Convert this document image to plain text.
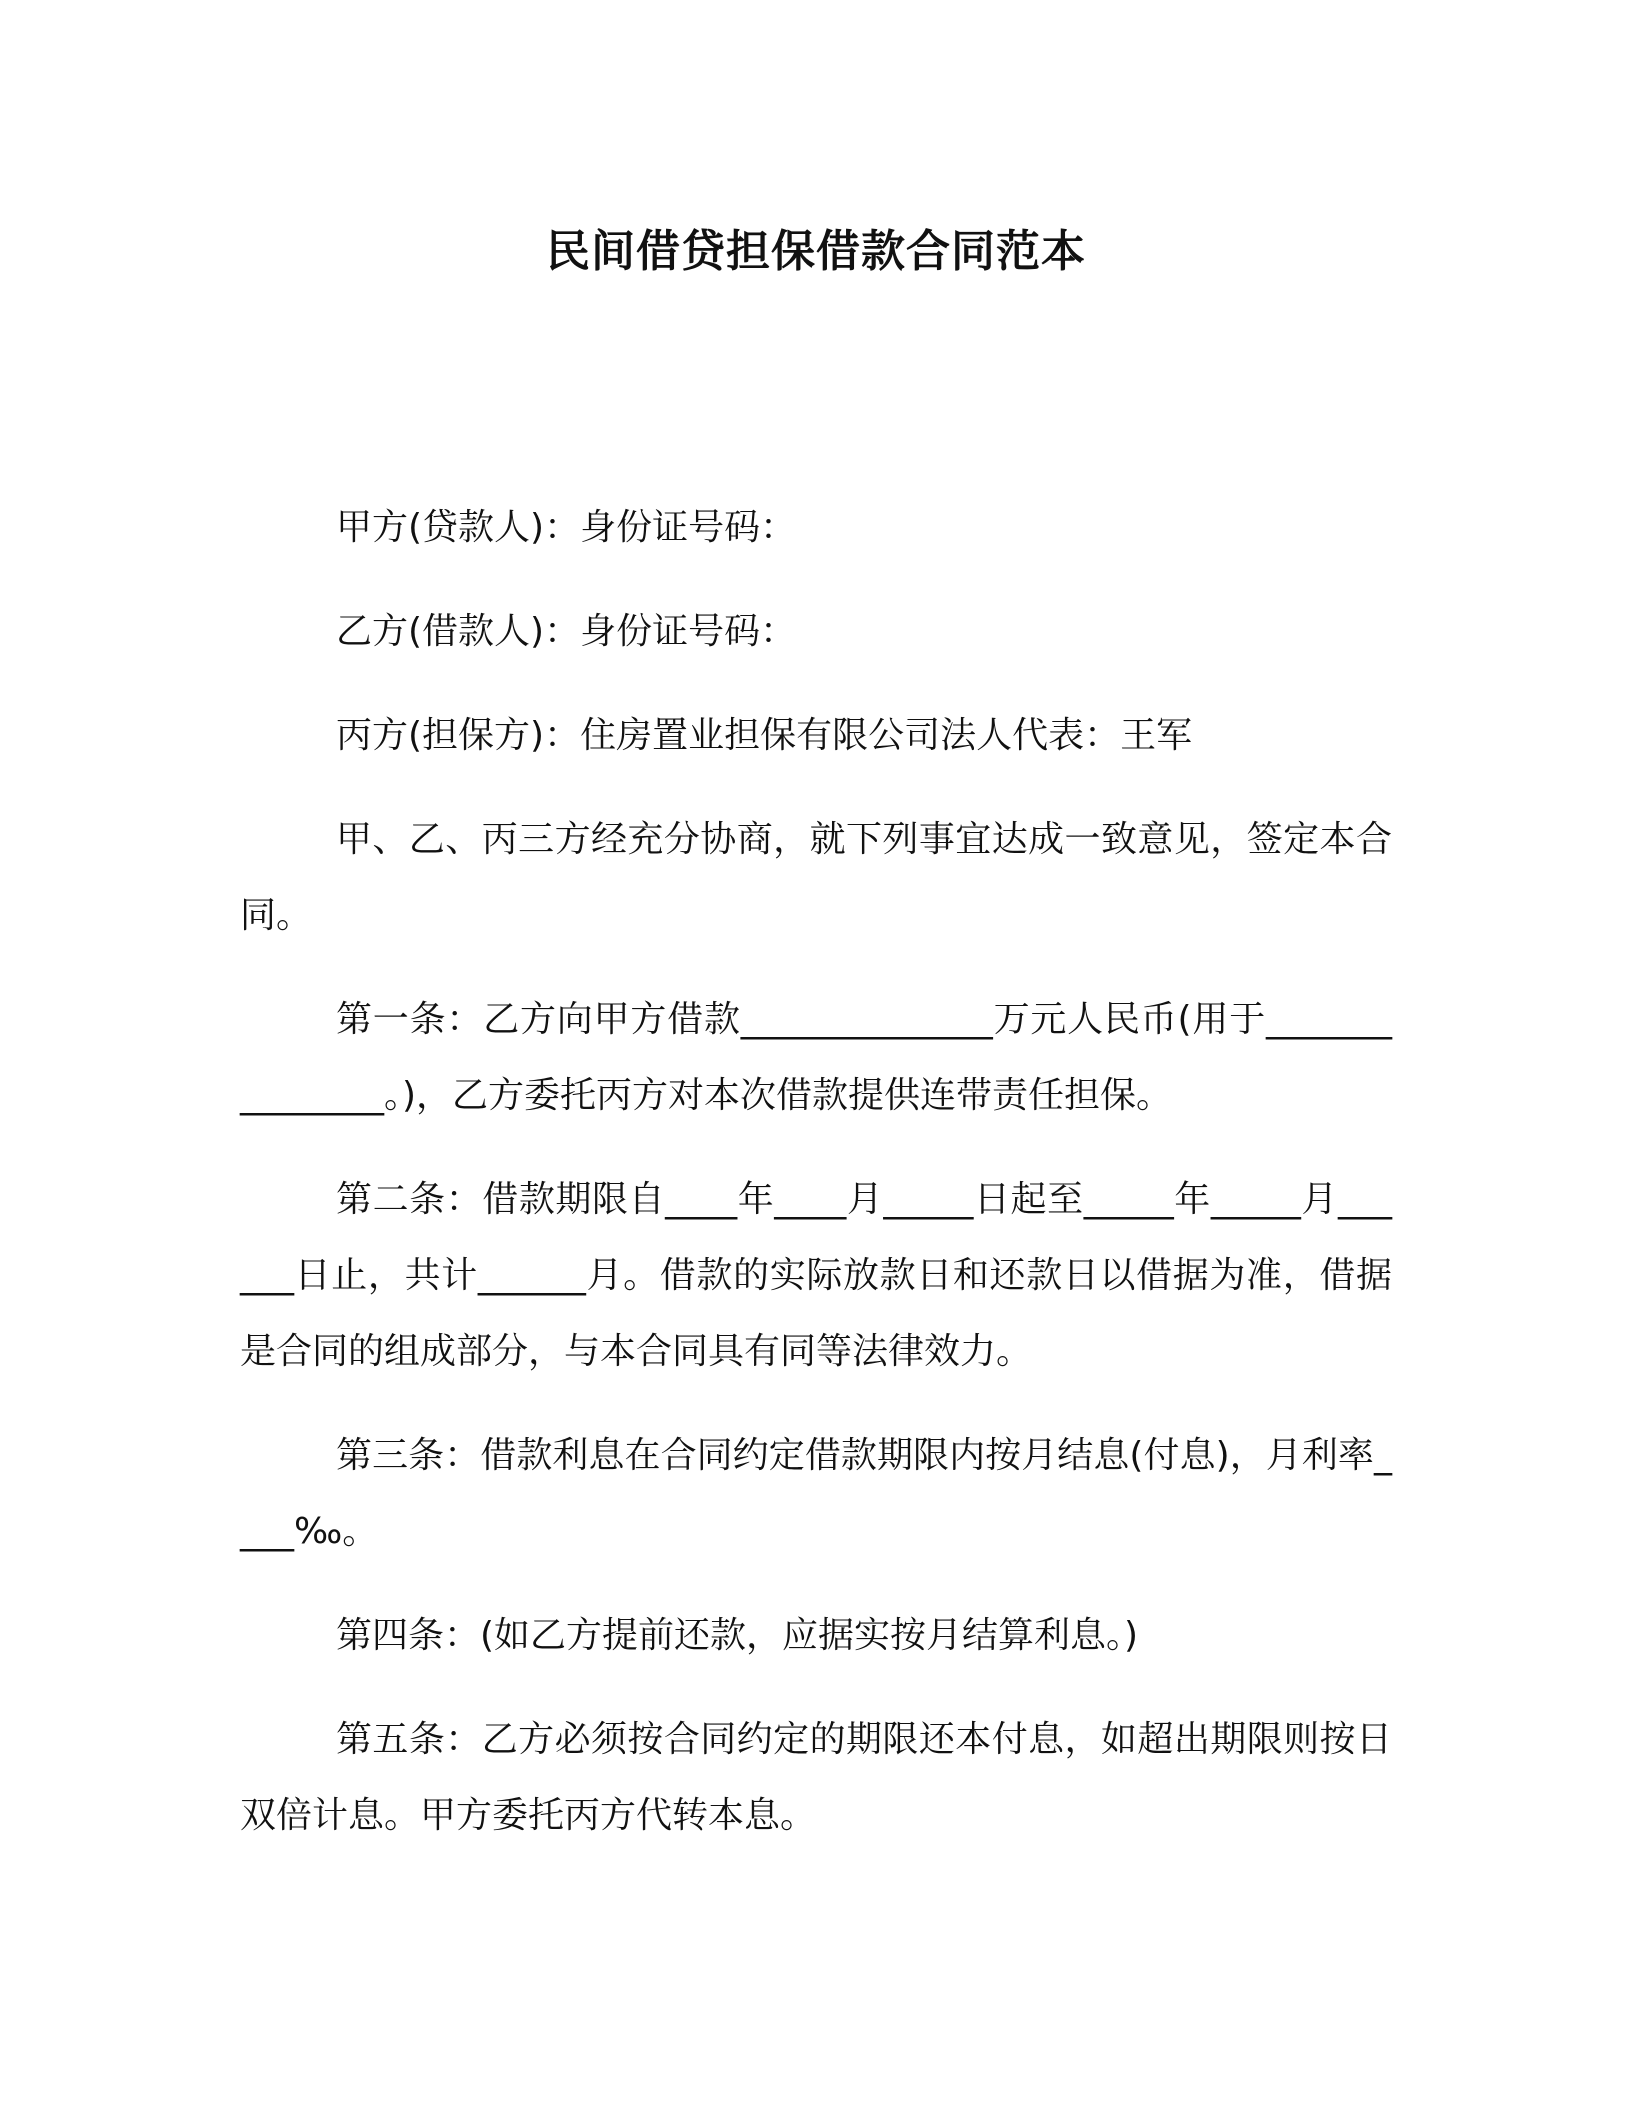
民间借贷担保借款合同范本

甲方(贷款人)：身份证号码：

乙方(借款人)：身份证号码：

丙方(担保方)：住房置业担保有限公司法人代表：王军

甲、乙、丙三方经充分协商，就下列事宜达成一致意见，签定本合同。

第一条：乙方向甲方借款______________万元人民币(用于_______________。)，乙方委托丙方对本次借款提供连带责任担保。

第二条：借款期限自____年____月_____日起至_____年_____月______日止，共计______月。借款的实际放款日和还款日以借据为准，借据是合同的组成部分，与本合同具有同等法律效力。

第三条：借款利息在合同约定借款期限内按月结息(付息)，月利率____‰。

第四条：(如乙方提前还款，应据实按月结算利息。)

第五条：乙方必须按合同约定的期限还本付息，如超出期限则按日双倍计息。甲方委托丙方代转本息。
